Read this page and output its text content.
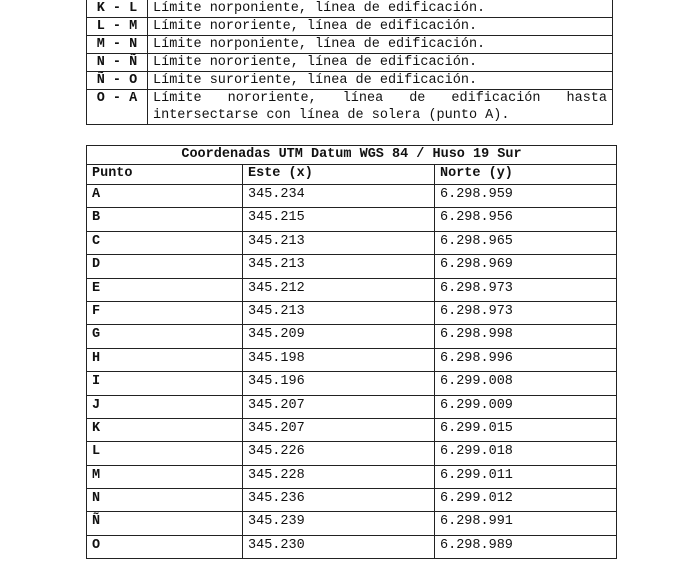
K - L	Límite norponiente, línea de edificación.
L - M	Límite nororiente, línea de edificación.
M - N	Límite norponiente, línea de edificación.
N - Ñ	Límite nororiente, línea de edificación.
Ñ - O	Límite suroriente, línea de edificación.
O - A	Límite nororiente, línea de edificación hasta intersectarse con línea de solera (punto A).
Coordenadas UTM Datum WGS 84 / Huso 19 Sur		
Punto	Este (x)	Norte (y)
A	345.234	6.298.959
B	345.215	6.298.956
C	345.213	6.298.965
D	345.213	6.298.969
E	345.212	6.298.973
F	345.213	6.298.973
G	345.209	6.298.998
H	345.198	6.298.996
I	345.196	6.299.008
J	345.207	6.299.009
K	345.207	6.299.015
L	345.226	6.299.018
M	345.228	6.299.011
N	345.236	6.299.012
Ñ	345.239	6.298.991
O	345.230	6.298.989
